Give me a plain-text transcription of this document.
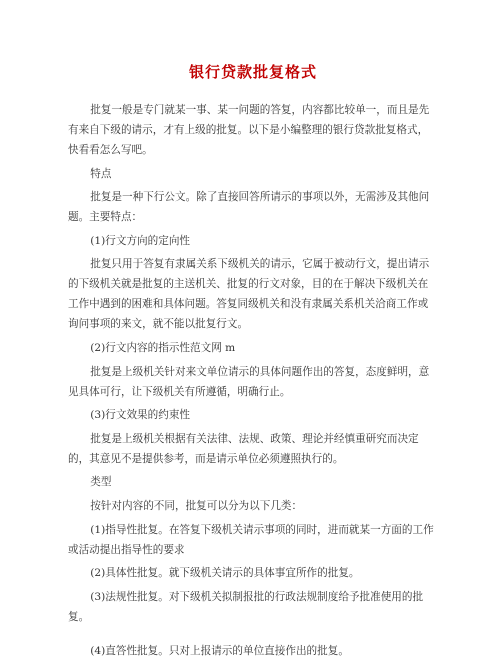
银行贷款批复格式

批复一般是专门就某一事、某一问题的答复，内容都比较单一，而且是先有来自下级的请示，才有上级的批复。以下是小编整理的银行贷款批复格式，快看看怎么写吧。

特点

批复是一种下行公文。除了直接回答所请示的事项以外，无需涉及其他问题。主要特点：

(1)行文方向的定向性

批复只用于答复有隶属关系下级机关的请示，它属于被动行文，提出请示的下级机关就是批复的主送机关、批复的行文对象，目的在于解决下级机关在工作中遇到的困难和具体问题。答复同级机关和没有隶属关系机关洽商工作或询问事项的来文，就不能以批复行文。

(2)行文内容的指示性范文网 m

批复是上级机关针对来文单位请示的具体问题作出的答复，态度鲜明，意见具体可行，让下级机关有所遵循，明确行止。

(3)行文效果的约束性

批复是上级机关根据有关法律、法规、政策、理论并经慎重研究而决定的，其意见不是提供参考，而是请示单位必须遵照执行的。

类型

按针对内容的不同，批复可以分为以下几类：

(1)指导性批复。在答复下级机关请示事项的同时，进而就某一方面的工作或活动提出指导性的要求

(2)具体性批复。就下级机关请示的具体事宜所作的批复。

(3)法规性批复。对下级机关拟制报批的行政法规制度给予批准使用的批复。

(4)直答性批复。只对上报请示的单位直接作出的批复。
